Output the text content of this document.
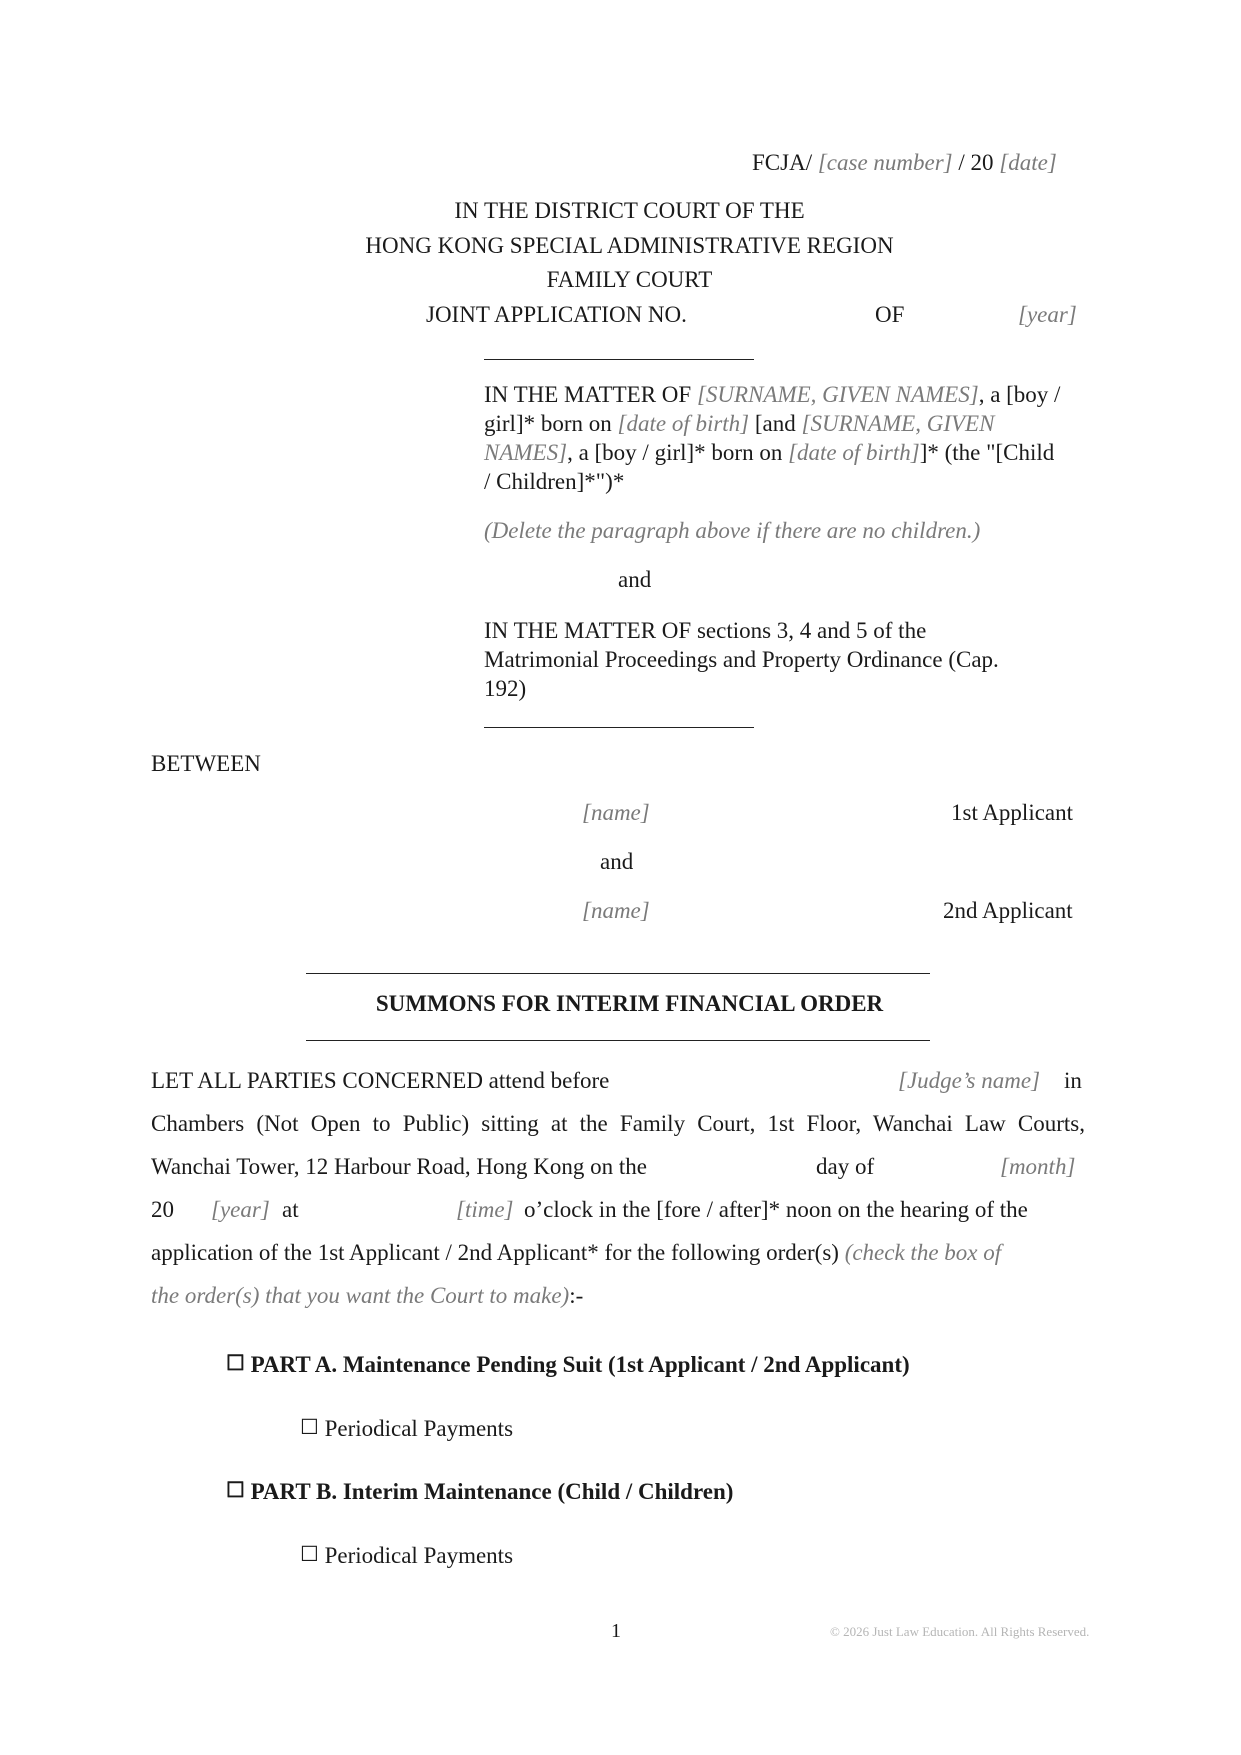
FCJA/ [case number] / 20 [date]
IN THE DISTRICT COURT OF THE
HONG KONG SPECIAL ADMINISTRATIVE REGION
FAMILY COURT
JOINT APPLICATION NO.	OF	[year]
IN THE MATTER OF [SURNAME, GIVEN NAMES], a [boy / girl]* born on [date of birth] [and [SURNAME, GIVEN NAMES], a [boy / girl]* born on [date of birth]]* (the "[Child / Children]*")*
(Delete the paragraph above if there are no children.)
and
IN THE MATTER OF sections 3, 4 and 5 of the Matrimonial Proceedings and Property Ordinance (Cap. 192)
BETWEEN
[name]	1st Applicant
and
[name]	2nd Applicant
SUMMONS FOR INTERIM FINANCIAL ORDER
LET ALL PARTIES CONCERNED attend before	[Judge’s name] in
Chambers (Not Open to Public) sitting at the Family Court, 1st Floor, Wanchai Law Courts,
Wanchai Tower, 12 Harbour Road, Hong Kong on the	day of	[month]
20 [year] at	[time] o’clock in the [fore / after]* noon on the hearing of the
application of the 1st Applicant / 2nd Applicant* for the following order(s) (check the box of
the order(s) that you want the Court to make):-
☐ PART A. Maintenance Pending Suit (1st Applicant / 2nd Applicant)
☐ Periodical Payments
☐ PART B. Interim Maintenance (Child / Children)
☐ Periodical Payments
1	© 2026 Just Law Education. All Rights Reserved.
